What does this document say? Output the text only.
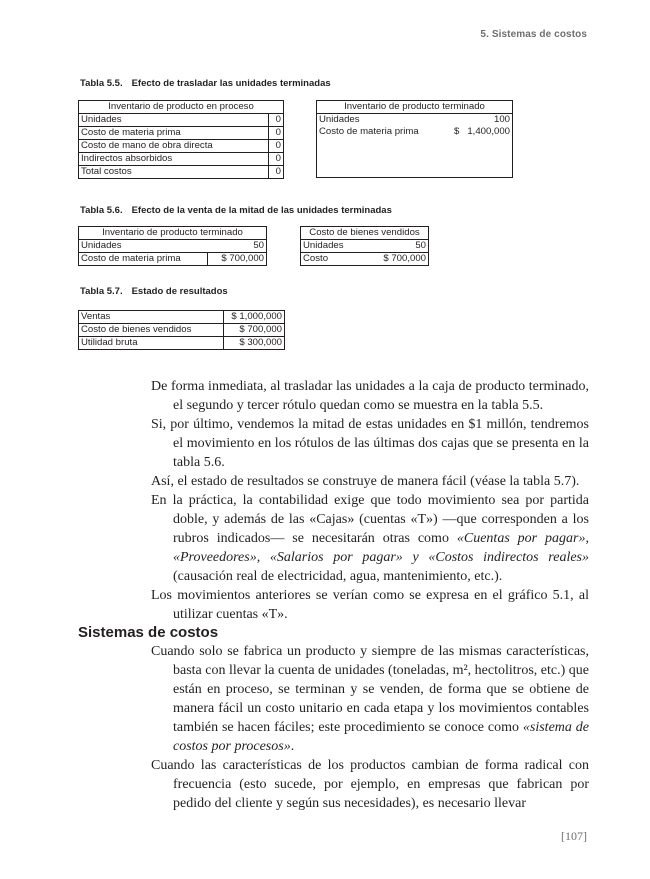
5. Sistemas de costos
Tabla 5.5. Efecto de trasladar las unidades terminadas
Inventario de producto en proceso	
Unidades	0
Costo de materia prima	0
Costo de mano de obra directa	0
Indirectos absorbidos	0
Total costos	0
Inventario de producto terminado	
Unidades	100
Costo de materia prima	$   1,400,000

Tabla 5.6. Efecto de la venta de la mitad de las unidades terminadas
Inventario de producto terminado	
Unidades	50
Costo de materia prima	$ 700,000
Costo de bienes vendidos	
Unidades	50
Costo	$ 700,000
Tabla 5.7. Estado de resultados
Ventas	$ 1,000,000
Costo de bienes vendidos	$ 700,000
Utilidad bruta	$ 300,000

De forma inmediata, al trasladar las unidades a la caja de producto terminado, el segundo y tercer rótulo quedan como se muestra en la tabla 5.5.

Si, por último, vendemos la mitad de estas unidades en $1 millón, tendremos el movimiento en los rótulos de las últimas dos cajas que se presenta en la tabla 5.6.

Así, el estado de resultados se construye de manera fácil (véase la tabla 5.7).

En la práctica, la contabilidad exige que todo movimiento sea por partida doble, y además de las «Cajas» (cuentas «T») —que corresponden a los rubros indicados— se necesitarán otras como «Cuentas por pagar», «Proveedores», «Salarios por pagar» y «Costos indirectos reales» (causación real de electricidad, agua, mantenimiento, etc.).

Los movimientos anteriores se verían como se expresa en el gráfico 5.1, al utilizar cuentas «T».

Sistemas de costos

Cuando solo se fabrica un producto y siempre de las mismas características, basta con llevar la cuenta de unidades (toneladas, m², hectolitros, etc.) que están en proceso, se terminan y se venden, de forma que se obtiene de manera fácil un costo unitario en cada etapa y los movimientos contables también se hacen fáciles; este procedimiento se conoce como «sistema de costos por procesos».

Cuando las características de los productos cambian de forma radical con frecuencia (esto sucede, por ejemplo, en empresas que fabrican por pedido del cliente y según sus necesidades), es necesario llevar

[107]
